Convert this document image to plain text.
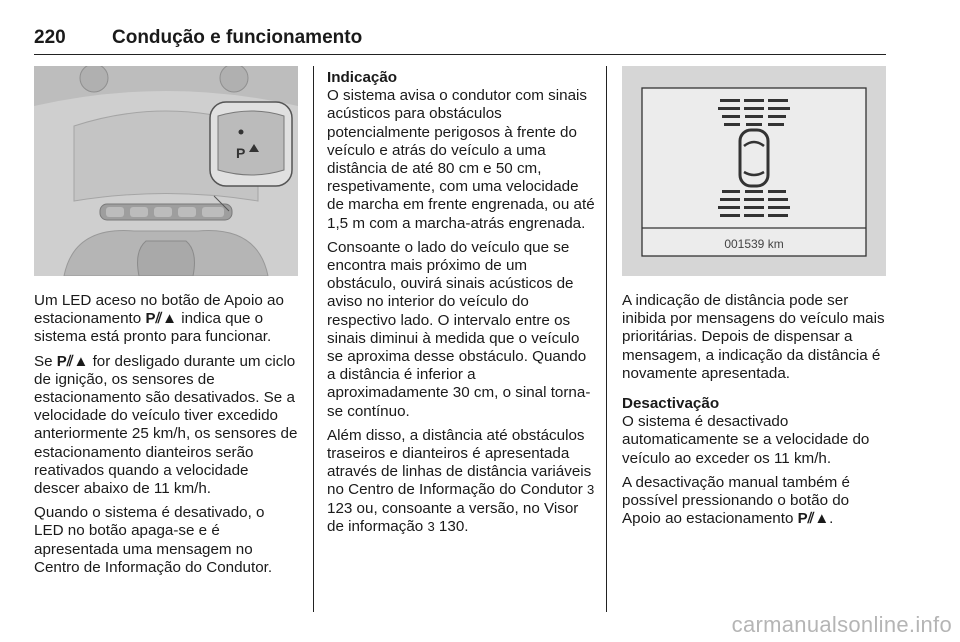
220 Condução e funcionamento
P
001539 km

Um LED aceso no botão de Apoio ao estacionamento P⫽▲ indica que o sistema está pronto para funcionar.

Se P⫽▲ for desligado durante um ciclo de ignição, os sensores de estacionamento são desativados. Se a velocidade do veículo tiver excedido anteriormente 25 km/h, os sensores de estacionamento dianteiros serão reativados quando a velocidade descer abaixo de 11 km/h.

Quando o sistema é desativado, o LED no botão apaga-se e é apresentada uma mensagem no Centro de Informação do Condutor.

Indicação
O sistema avisa o condutor com sinais acústicos para obstáculos potencialmente perigosos à frente do veículo e atrás do veículo a uma distância de até 80 cm e 50 cm, respetivamente, com uma velocidade de marcha em frente engrenada, ou até 1,5 m com a marcha-atrás engrenada.

Consoante o lado do veículo que se encontra mais próximo de um obstáculo, ouvirá sinais acústicos de aviso no interior do veículo do respectivo lado. O intervalo entre os sinais diminui à medida que o veículo se aproxima desse obstáculo. Quando a distância é inferior a aproximadamente 30 cm, o sinal torna-se contínuo.

Além disso, a distância até obstáculos traseiros e dianteiros é apresentada através de linhas de distância variáveis no Centro de Informação do Condutor 3 123 ou, consoante a versão, no Visor de informação 3 130.

A indicação de distância pode ser inibida por mensagens do veículo mais prioritárias. Depois de dispensar a mensagem, a indicação da distância é novamente apresentada.

Desactivação
O sistema é desactivado automaticamente se a velocidade do veículo ao exceder os 11 km/h.

A desactivação manual também é possível pressionando o botão do Apoio ao estacionamento P⫽▲.

carmanualsonline.info
